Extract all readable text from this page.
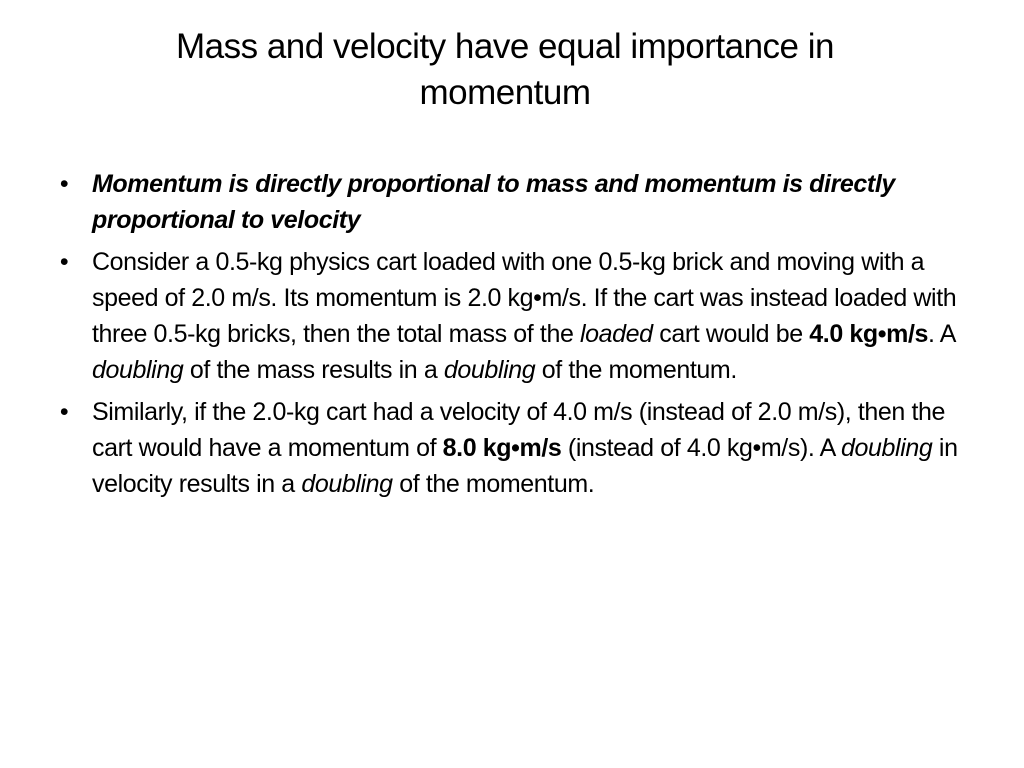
Mass and velocity have equal importance in momentum
• Momentum is directly proportional to mass and momentum is directly proportional to velocity
• Consider a 0.5-kg physics cart loaded with one 0.5-kg brick and moving with a speed of 2.0 m/s. Its momentum is 2.0 kg•m/s. If the cart was instead loaded with three 0.5-kg bricks, then the total mass of the loaded cart would be 4.0 kg•m/s. A doubling of the mass results in a doubling of the momentum.
• Similarly, if the 2.0-kg cart had a velocity of 4.0 m/s (instead of 2.0 m/s), then the cart would have a momentum of 8.0 kg•m/s (instead of 4.0 kg•m/s). A doubling in velocity results in a doubling of the momentum.
